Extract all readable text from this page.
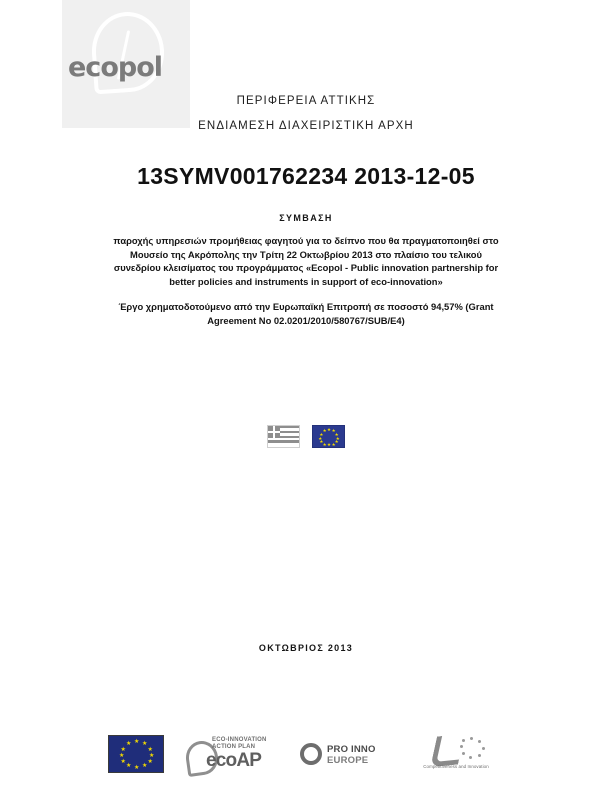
ecopol
ΠΕΡΙΦΕΡΕΙΑ ΑΤΤΙΚΗΣ
ΕΝΔΙΑΜΕΣΗ ΔΙΑΧΕΙΡΙΣΤΙΚΗ ΑΡΧΗ
13SYMV001762234 2013-12-05
ΣΥΜΒΑΣΗ
παροχής υπηρεσιών προμήθειας φαγητού για το δείπνο που θα πραγματοποιηθεί στο Μουσείο της Ακρόπολης την Τρίτη 22 Οκτωβρίου 2013 στο πλαίσιο του τελικού συνεδρίου κλεισίματος του προγράμματος «Ecopol - Public innovation partnership for better policies and instruments in support of eco-innovation»
Έργο χρηματοδοτούμενο από την Ευρωπαϊκή Επιτροπή σε ποσοστό 94,57% (Grant Agreement No 02.0201/2010/580767/SUB/E4)
★ ★
★
★
★
★
★
★
★
★
★
★
ΟΚΤΩΒΡΙΟΣ 2013
★ ★
★
★
★
★
★
★
★
★
★
★
ECO-INNOVATION
ACTION PLAN
ecoAP
PRO INNO
EUROPE
Competitiveness and Innovation
